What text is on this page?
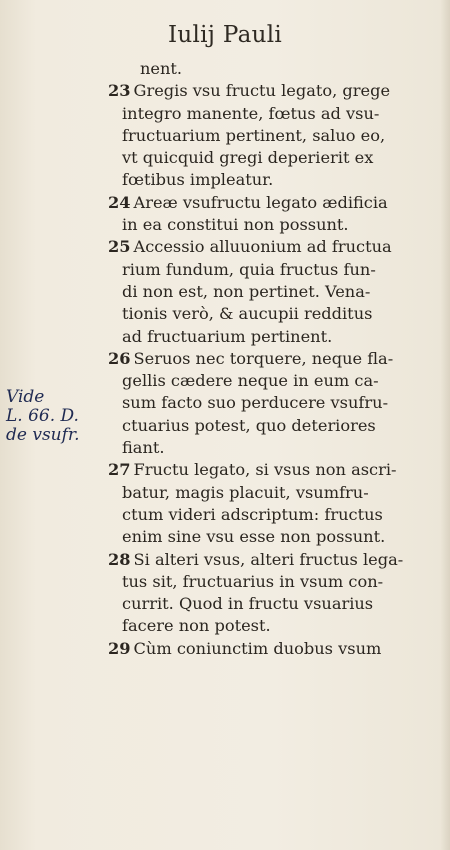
Iulij Pauli
nent.
23 Gregis vsu fructu legato, grege
integro manente, fœtus ad vsu-
fructuarium pertinent, saluo eo,
vt quicquid gregi deperierit ex
fœtibus impleatur.
24 Areæ vsufructu legato ædificia
in ea constitui non possunt.
25 Accessio alluuonium ad fructua
rium fundum, quia fructus fun-
di non est, non pertinet. Vena-
tionis verò, & aucupii redditus
ad fructuarium pertinent.
26 Seruos nec torquere, neque fla-
gellis cædere neque in eum ca-
sum facto suo perducere vsufru-
ctuarius potest, quo deteriores
fiant.
27 Fructu legato, si vsus non ascri-
batur, magis placuit, vsumfru-
ctum videri adscriptum: fructus
enim sine vsu esse non possunt.
28 Si alteri vsus, alteri fructus lega-
tus sit, fructuarius in vsum con-
currit. Quod in fructu vsuarius
facere non potest.
29 Cùm coniunctim duobus vsum
Vide
L. 66. D.
de vsufr.
